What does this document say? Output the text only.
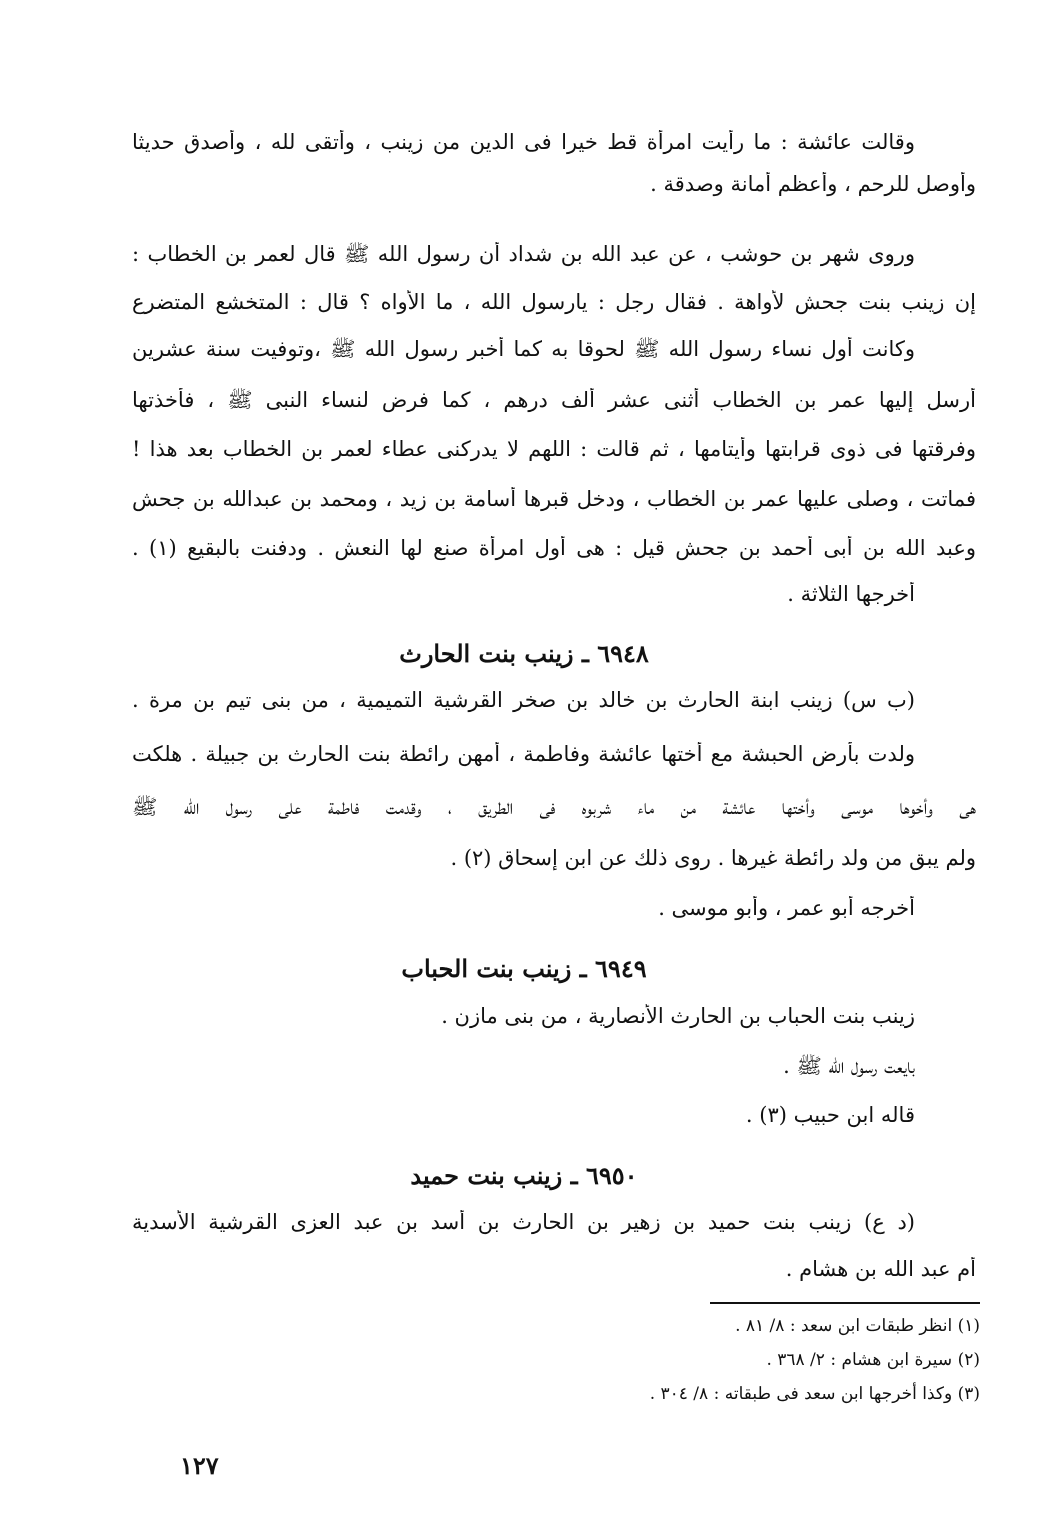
وقالت عائشة : ما رأيت امرأة قط خيرا فى الدين من زينب ، وأتقى لله ، وأصدق حديثا
وأوصل للرحم ، وأعظم أمانة وصدقة .
وروى شهر بن حوشب ، عن عبد الله بن شداد أن رسول الله ﷺ قال لعمر بن الخطاب :
إن زينب بنت جحش لأواهة . فقال رجل : يارسول الله ، ما الأواه ؟ قال : المتخشع المتضرع
وكانت أول نساء رسول الله ﷺ لحوقا به كما أخبر رسول الله ﷺ ،وتوفيت سنة عشرين
أرسل إليها عمر بن الخطاب أثنى عشر ألف درهم ، كما فرض لنساء النبى ﷺ ، فأخذتها
وفرقتها فى ذوى قرابتها وأيتامها ، ثم قالت : اللهم لا يدركنى عطاء لعمر بن الخطاب بعد هذا !
فماتت ، وصلى عليها عمر بن الخطاب ، ودخل قبرها أسامة بن زيد ، ومحمد بن عبدالله بن جحش
وعبد الله بن أبى أحمد بن جحش قيل : هى أول امرأة صنع لها النعش . ودفنت بالبقيع (١) .
أخرجها الثلاثة .
٦٩٤٨ ـ زينب بنت الحارث
(ب س) زينب ابنة الحارث بن خالد بن صخر القرشية التميمية ، من بنى تيم بن مرة .
ولدت بأرض الحبشة مع أختها عائشة وفاطمة ، أمهن رائطة بنت الحارث بن جبيلة . هلكت
هى وأخوها موسى وأختها عائشة من ماء شربوه فى الطريق ، وقدمت فاطمة على رسول الله ﷺ
ولم يبق من ولد رائطة غيرها . روى ذلك عن ابن إسحاق (٢) .
أخرجه أبو عمر ، وأبو موسى .
٦٩٤٩ ـ زينب بنت الحباب
زينب بنت الحباب بن الحارث الأنصارية ، من بنى مازن .
بايعت رسول الله ﷺ .
قاله ابن حبيب (٣) .
٦٩٥٠ ـ زينب بنت حميد
(د ع) زينب بنت حميد بن زهير بن الحارث بن أسد بن عبد العزى القرشية الأسدية
أم عبد الله بن هشام .
(١) انظر طبقات ابن سعد : ٨/ ٨١ .
(٢) سيرة ابن هشام : ٢/ ٣٦٨ .
(٣) وكذا أخرجها ابن سعد فى طبقاته : ٨/ ٣٠٤ .
١٢٧
